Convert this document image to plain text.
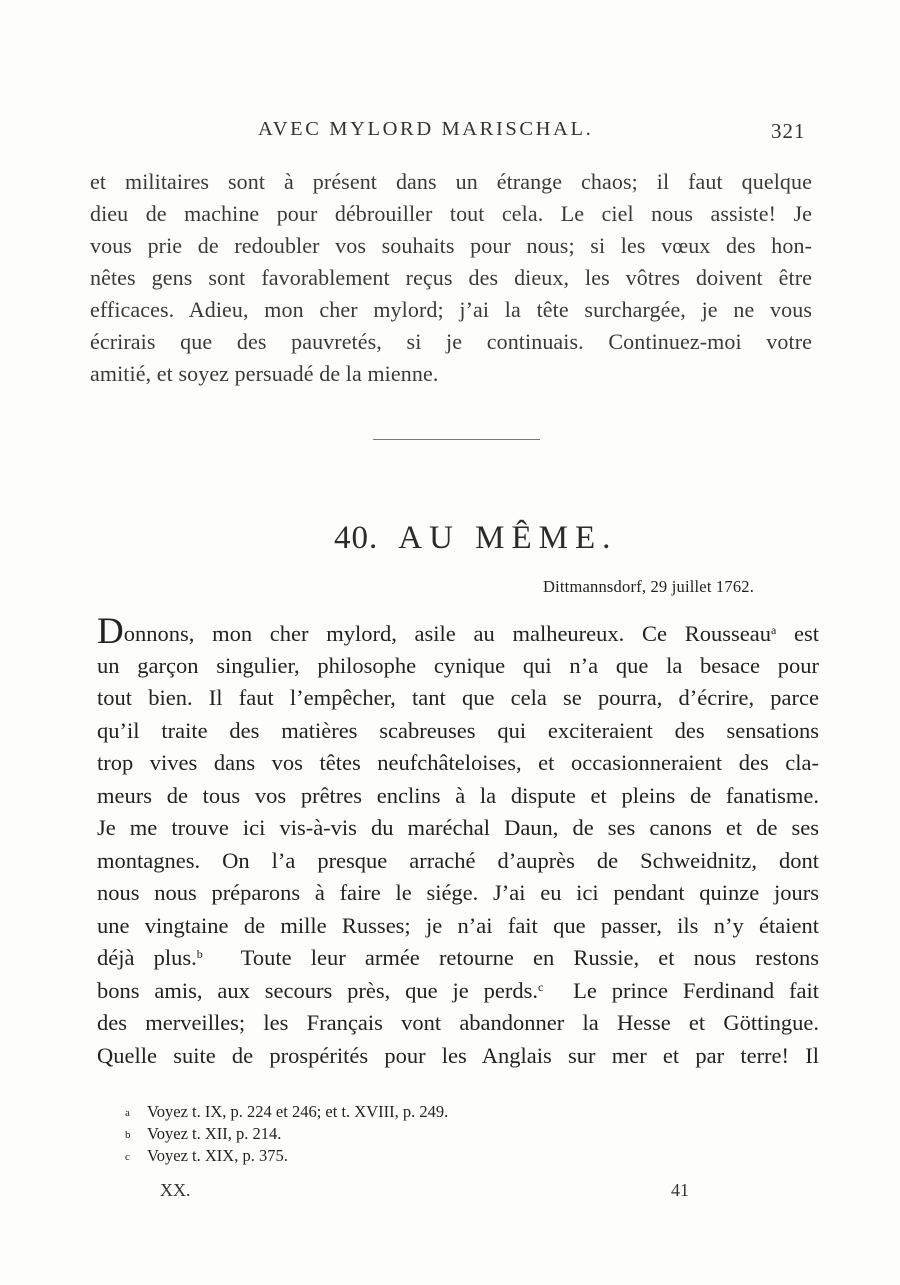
AVEC MYLORD MARISCHAL.	321
et militaires sont à présent dans un étrange chaos; il faut quelque
dieu de machine pour débrouiller tout cela. Le ciel nous assiste! Je
vous prie de redoubler vos souhaits pour nous; si les vœux des hon-
nêtes gens sont favorablement reçus des dieux, les vôtres doivent être
efficaces. Adieu, mon cher mylord; j’ai la tête surchargée, je ne vous
écrirais que des pauvretés, si je continuais. Continuez-moi votre
amitié, et soyez persuadé de la mienne.
40. AU MÊME.
Dittmannsdorf, 29 juillet 1762.
Donnons, mon cher mylord, asile au malheureux. Ce Rousseau$^a$ est
un garçon singulier, philosophe cynique qui n’a que la besace pour
tout bien. Il faut l’empêcher, tant que cela se pourra, d’écrire, parce
qu’il traite des matières scabreuses qui exciteraient des sensations
trop vives dans vos têtes neufchâteloises, et occasionneraient des cla-
meurs de tous vos prêtres enclins à la dispute et pleins de fanatisme.
Je me trouve ici vis-à-vis du maréchal Daun, de ses canons et de ses
montagnes. On l’a presque arraché d’auprès de Schweidnitz, dont
nous nous préparons à faire le siége. J’ai eu ici pendant quinze jours
une vingtaine de mille Russes; je n’ai fait que passer, ils n’y étaient
déjà plus.$^b$  Toute leur armée retourne en Russie, et nous restons
bons amis, aux secours près, que je perds.$^c$  Le prince Ferdinand fait
des merveilles; les Français vont abandonner la Hesse et Göttingue.
Quelle suite de prospérités pour les Anglais sur mer et par terre! Il
a Voyez t. IX, p. 224 et 246; et t. XVIII, p. 249.
b Voyez t. XII, p. 214.
c Voyez t. XIX, p. 375.
XX.	41
